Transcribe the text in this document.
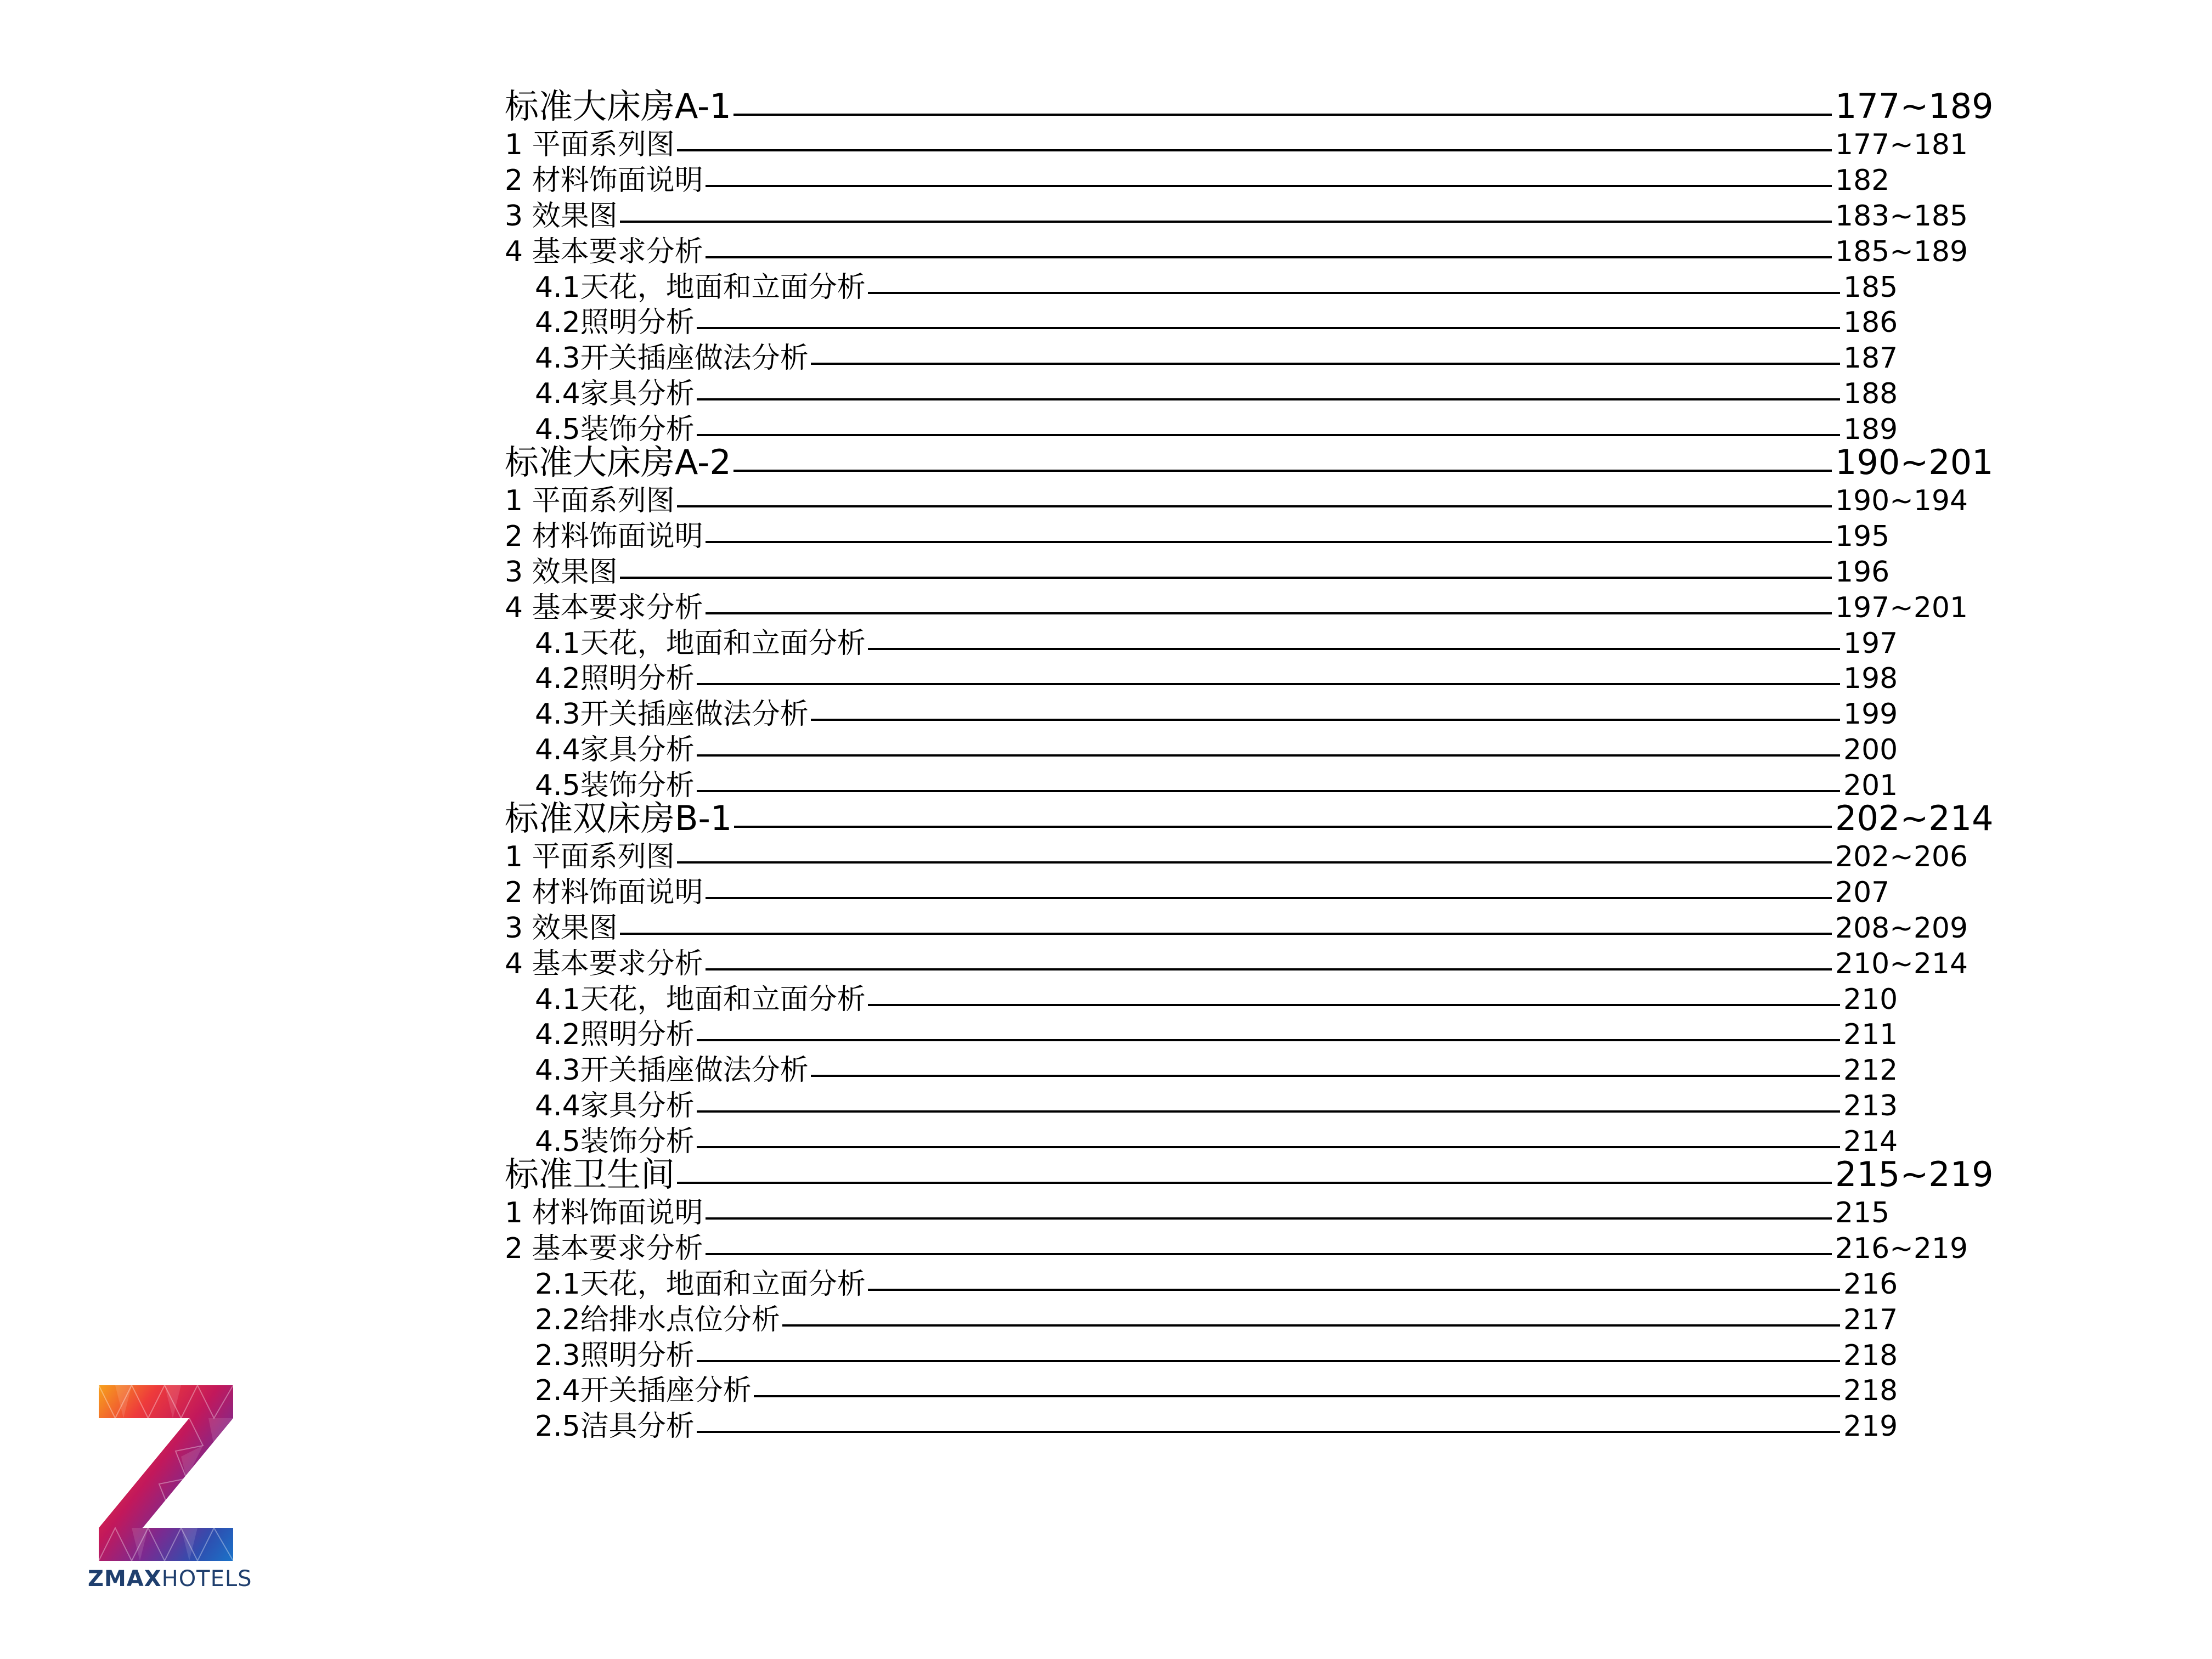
标准大床房A-1	177~189
1 平面系列图	177~181
2 材料饰面说明	182
3 效果图	183~185
4 基本要求分析	185~189
4.1天花，地面和立面分析	185
4.2照明分析	186
4.3开关插座做法分析	187
4.4家具分析	188
4.5装饰分析	189
标准大床房A-2	190~201
1 平面系列图	190~194
2 材料饰面说明	195
3 效果图	196
4 基本要求分析	197~201
4.1天花，地面和立面分析	197
4.2照明分析	198
4.3开关插座做法分析	199
4.4家具分析	200
4.5装饰分析	201
标准双床房B-1	202~214
1 平面系列图	202~206
2 材料饰面说明	207
3 效果图	208~209
4 基本要求分析	210~214
4.1天花，地面和立面分析	210
4.2照明分析	211
4.3开关插座做法分析	212
4.4家具分析	213
4.5装饰分析	214
标准卫生间	215~219
1 材料饰面说明	215
2 基本要求分析	216~219
2.1天花，地面和立面分析	216
2.2给排水点位分析	217
2.3照明分析	218
2.4开关插座分析	218
2.5洁具分析	219
ZMAXHOTELS
